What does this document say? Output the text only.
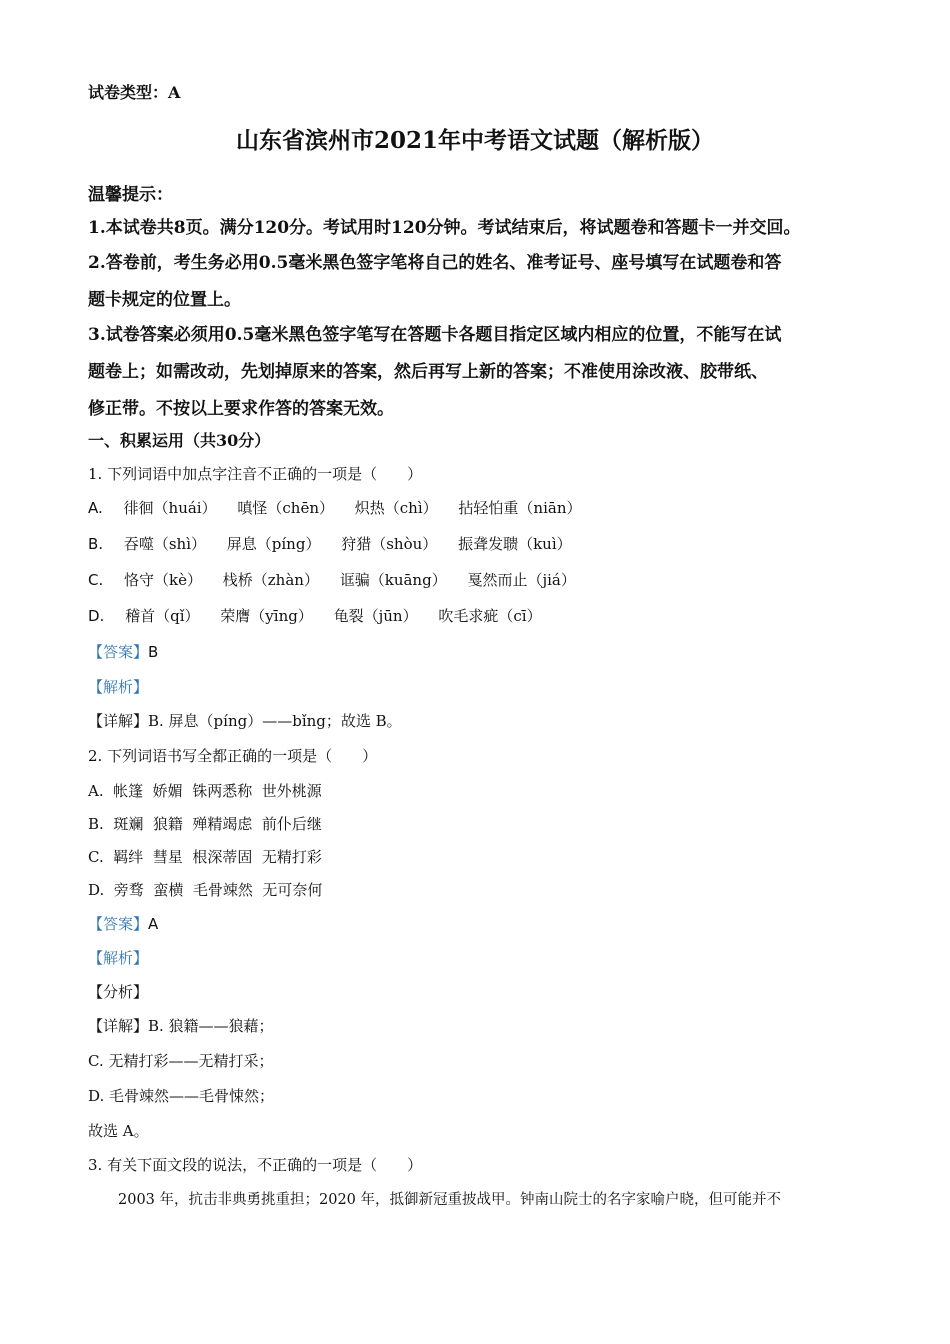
试卷类型：A
山东省滨州市2021年中考语文试题（解析版）
温馨提示：
1.本试卷共8页。满分120分。考试用时120分钟。考试结束后，将试题卷和答题卡一并交回。
2.答卷前，考生务必用0.5毫米黑色签字笔将自己的姓名、准考证号、座号填写在试题卷和答
题卡规定的位置上。
3.试卷答案必须用0.5毫米黑色签字笔写在答题卡各题目指定区域内相应的位置，不能写在试
题卷上；如需改动，先划掉原来的答案，然后再写上新的答案；不准使用涂改液、胶带纸、
修正带。不按以上要求作答的答案无效。
一、积累运用（共30分）
1. 下列词语中加点字注音不正确的一项是（　　）
A. 徘徊（huái） 嗔怪（chēn） 炽热（chì） 拈轻怕重（niān）
B. 吞噬（shì） 屏息（píng） 狩猎（shòu） 振聋发聩（kuì）
C. 恪守（kè） 栈桥（zhàn） 诓骗（kuāng） 戛然而止（jiá）
D. 稽首（qǐ） 荣膺（yīng） 龟裂（jūn） 吹毛求疵（cī）
【答案】B
【解析】
【详解】B. 屏息（píng）——bǐng；故选 B。
2. 下列词语书写全都正确的一项是（　　）
A.  帐篷  娇媚  铢两悉称  世外桃源
B.  斑斓  狼籍  殚精竭虑  前仆后继
C.  羁绊  彗星  根深蒂固  无精打彩
D.  旁骛  蛮横  毛骨竦然  无可奈何
【答案】A
【解析】
【分析】
【详解】B. 狼籍——狼藉；
C. 无精打彩——无精打采；
D. 毛骨竦然——毛骨悚然；
故选 A。
3. 有关下面文段的说法，不正确的一项是（　　）
2003 年，抗击非典勇挑重担；2020 年，抵御新冠重披战甲。钟南山院士的名字家喻户晓，但可能并不
